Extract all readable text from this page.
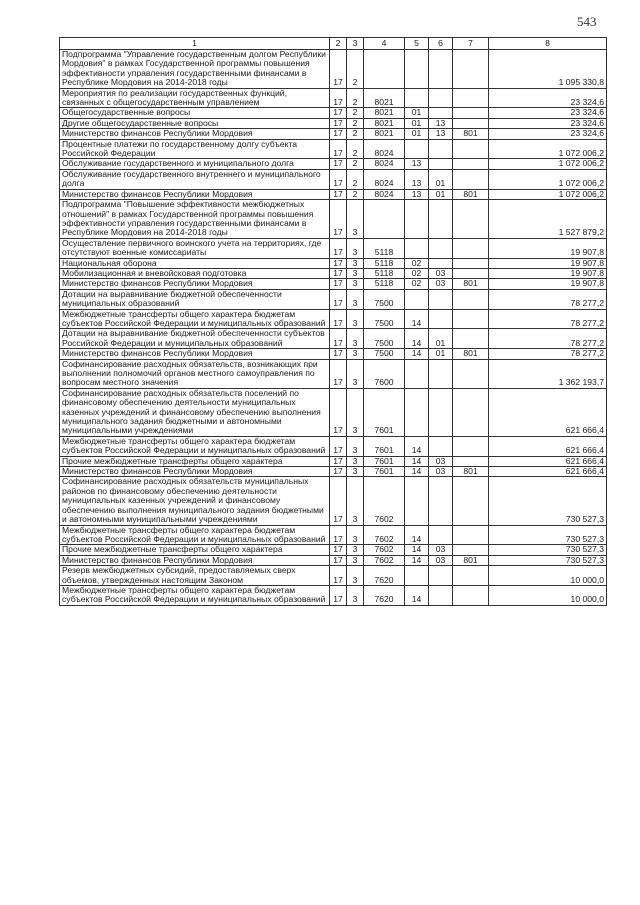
543
1	2	3	4	5	6	7	8
Подпрограмма "Управление государственным долгом Республики Мордовия" в рамках Государственной программы повышения эффективности управления государственными финансами в Республике Мордовия на 2014-2018 годы	17	2					1 095 330,8
Мероприятия по реализации государственных функций, связанных с общегосударственным управлением	17	2	8021				23 324,6
Общегосударственные вопросы	17	2	8021	01			23 324,6
Другие общегосударственные вопросы	17	2	8021	01	13		23 324,6
Министерство финансов Республики Мордовия	17	2	8021	01	13	801	23 324,6
Процентные платежи по государственному долгу субъекта Российской Федерации	17	2	8024				1 072 006,2
Обслуживание государственного и муниципального долга	17	2	8024	13			1 072 006,2
Обслуживание государственного внутреннего и муниципального долга	17	2	8024	13	01		1 072 006,2
Министерство финансов Республики Мордовия	17	2	8024	13	01	801	1 072 006,2
Подпрограмма "Повышение эффективности межбюджетных отношений" в рамках Государственной программы повышения эффективности управления государственными финансами в Республике Мордовия на 2014-2018 годы	17	3					1 527 879,2
Осуществление первичного воинского учета на территориях, где отсутствуют военные комиссариаты	17	3	5118				19 907,8
Национальная оборона	17	3	5118	02			19 907,8
Мобилизационная и вневойсковая подготовка	17	3	5118	02	03		19 907,8
Министерство финансов Республики Мордовия	17	3	5118	02	03	801	19 907,8
Дотации на выравнивание бюджетной обеспеченности муниципальных образований	17	3	7500				78 277,2
Межбюджетные трансферты общего характера бюджетам субъектов Российской Федерации и муниципальных образований	17	3	7500	14			78 277,2
Дотации на выравнивание бюджетной обеспеченности субъектов Российской Федерации и муниципальных образований	17	3	7500	14	01		78 277,2
Министерство финансов Республики Мордовия	17	3	7500	14	01	801	78 277,2
Софинансирование расходных обязательств, возникающих при выполнении полномочий органов местного самоуправления по вопросам местного значения	17	3	7600				1 362 193,7
Софинансирование расходных обязательств поселений по финансовому обеспечению деятельности муниципальных казенных учреждений и финансовому обеспечению выполнения муниципального задания бюджетными и автономными муниципальными учреждениями	17	3	7601				621 666,4
Межбюджетные трансферты общего характера бюджетам субъектов Российской Федерации и муниципальных образований	17	3	7601	14			621 666,4
Прочие межбюджетные трансферты общего характера	17	3	7601	14	03		621 666,4
Министерство финансов Республики Мордовия	17	3	7601	14	03	801	621 666,4
Софинансирование расходных обязательств муниципальных районов по финансовому обеспечению деятельности муниципальных казенных учреждений и финансовому обеспечению выполнения муниципального задания бюджетными и автономными муниципальными учреждениями	17	3	7602				730 527,3
Межбюджетные трансферты общего характера бюджетам субъектов Российской Федерации и муниципальных образований	17	3	7602	14			730 527,3
Прочие межбюджетные трансферты общего характера	17	3	7602	14	03		730 527,3
Министерство финансов Республики Мордовия	17	3	7602	14	03	801	730 527,3
Резерв межбюджетных субсидий, предоставляемых сверх объемов, утвержденных настоящим Законом	17	3	7620				10 000,0
Межбюджетные трансферты общего характера бюджетам субъектов Российской Федерации и муниципальных образований	17	3	7620	14			10 000,0
